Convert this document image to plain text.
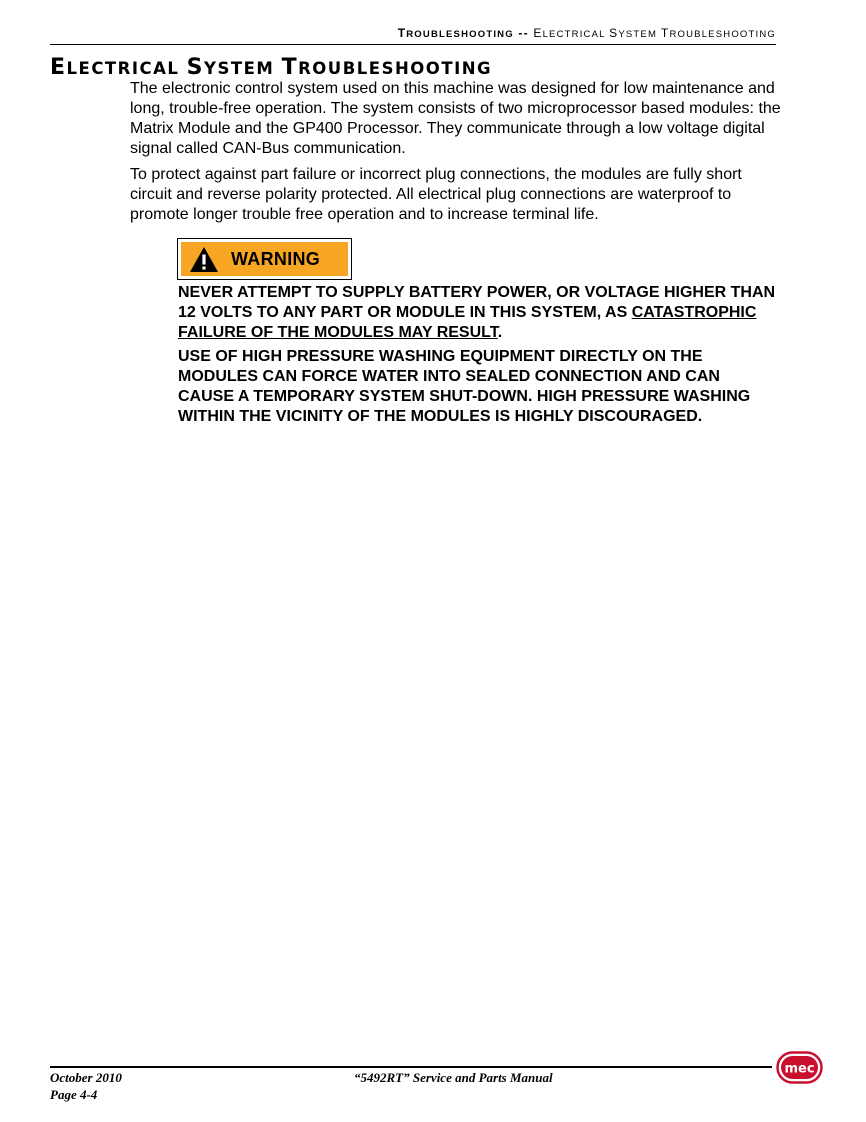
TROUBLESHOOTING -- ELECTRICAL SYSTEM TROUBLESHOOTING
ELECTRICAL SYSTEM TROUBLESHOOTING

The electronic control system used on this machine was designed for low maintenance and long, trouble-free operation. The system consists of two microprocessor based modules: the Matrix Module and the GP400 Processor. They communicate through a low voltage digital signal called CAN-Bus communication.

To protect against part failure or incorrect plug connections, the modules are fully short circuit and reverse polarity protected. All electrical plug connections are waterproof to promote longer trouble free operation and to increase terminal life.

WARNING

NEVER ATTEMPT TO SUPPLY BATTERY POWER, OR VOLTAGE HIGHER THAN 12 VOLTS TO ANY PART OR MODULE IN THIS SYSTEM, AS CATASTROPHIC FAILURE OF THE MODULES MAY RESULT.

USE OF HIGH PRESSURE WASHING EQUIPMENT DIRECTLY ON THE MODULES CAN FORCE WATER INTO SEALED CONNECTION AND CAN CAUSE A TEMPORARY SYSTEM SHUT-DOWN. HIGH PRESSURE WASHING WITHIN THE VICINITY OF THE MODULES IS HIGHLY DISCOURAGED.

October 2010
Page 4-4
“5492RT” Service and Parts Manual
mec
